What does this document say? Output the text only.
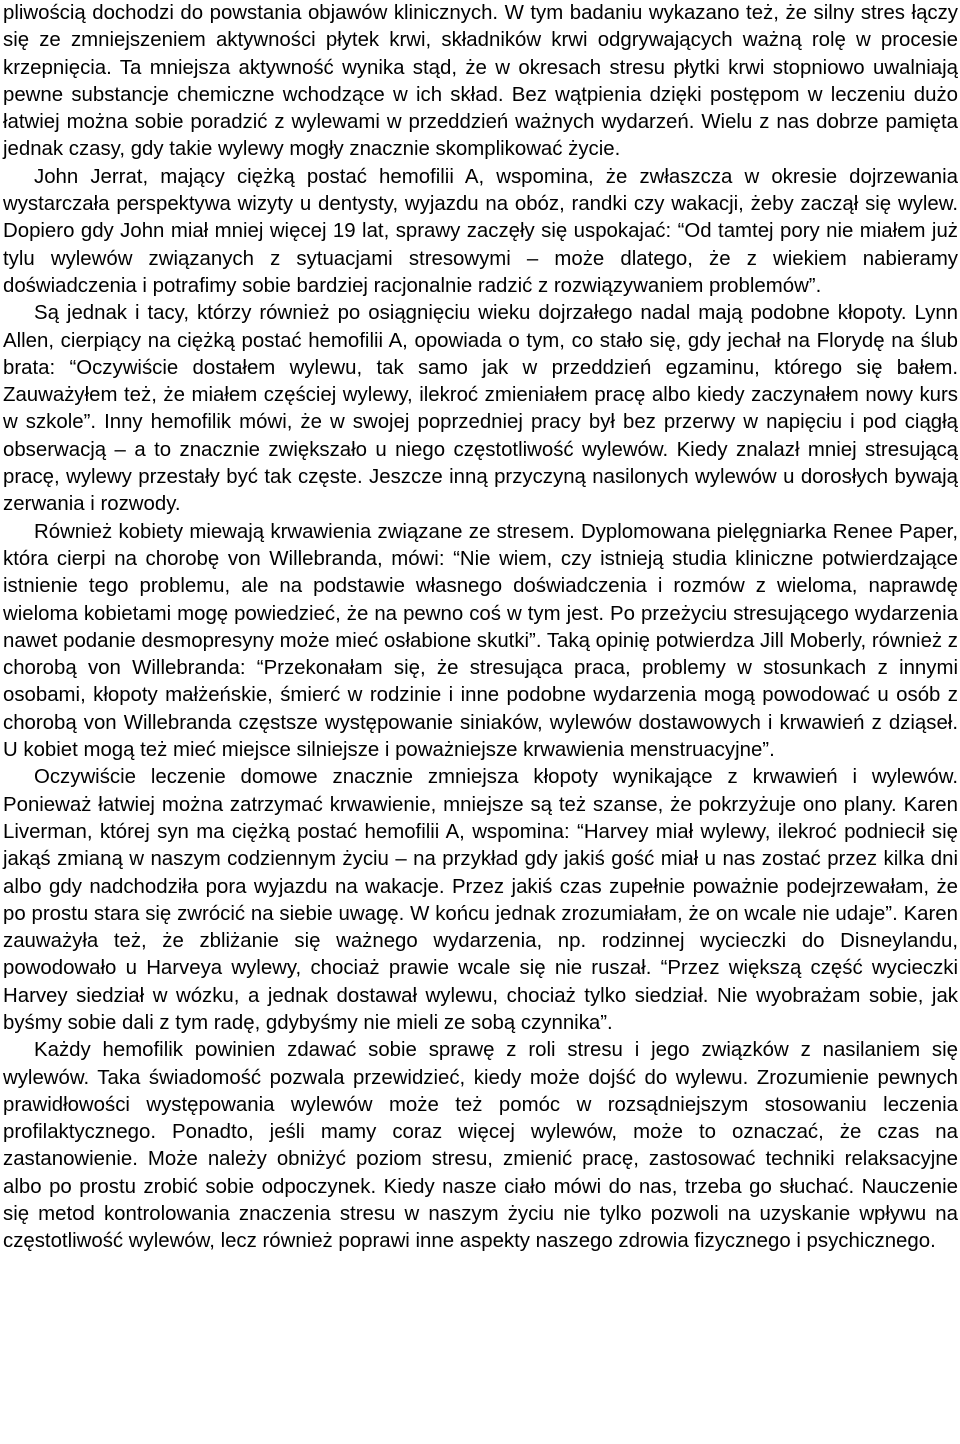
pliwością dochodzi do powstania objawów klinicznych. W tym badaniu wykazano też, że silny stres łączy się ze zmniejszeniem aktywności płytek krwi, składników krwi odgrywających ważną rolę w procesie krzepnięcia. Ta mniejsza aktywność wynika stąd, że w okresach stresu płytki krwi stopniowo uwalniają pewne substancje chemiczne wchodzące w ich skład. Bez wątpienia dzięki postępom w leczeniu dużo łatwiej można sobie poradzić z wylewami w przeddzień ważnych wydarzeń. Wielu z nas dobrze pamięta jednak czasy, gdy takie wylewy mogły znacznie skomplikować życie.

John Jerrat, mający ciężką postać hemofilii A, wspomina, że zwłaszcza w okresie dojrzewania wystarczała perspektywa wizyty u dentysty, wyjazdu na obóz, randki czy wakacji, żeby zaczął się wylew. Dopiero gdy John miał mniej więcej 19 lat, sprawy zaczęły się uspokajać: “Od tamtej pory nie miałem już tylu wylewów związanych z sytuacjami stresowymi – może dlatego, że z wiekiem nabieramy doświadczenia i potrafimy sobie bardziej racjonalnie radzić z rozwiązywaniem problemów”.

Są jednak i tacy, którzy również po osiągnięciu wieku dojrzałego nadal mają podobne kłopoty. Lynn Allen, cierpiący na ciężką postać hemofilii A, opowiada o tym, co stało się, gdy jechał na Florydę na ślub brata: “Oczywiście dostałem wylewu, tak samo jak w przeddzień egzaminu, którego się bałem. Zauważyłem też, że miałem częściej wylewy, ilekroć zmieniałem pracę albo kiedy zaczynałem nowy kurs w szkole”. Inny hemofilik mówi, że w swojej poprzedniej pracy był bez przerwy w napięciu i pod ciągłą obserwacją – a to znacznie zwiększało u niego częstotliwość wylewów. Kiedy znalazł mniej stresującą pracę, wylewy przestały być tak częste. Jeszcze inną przyczyną nasilonych wylewów u dorosłych bywają zerwania i rozwody.

Również kobiety miewają krwawienia związane ze stresem. Dyplomowana pielęgniarka Renee Paper, która cierpi na chorobę von Willebranda, mówi: “Nie wiem, czy istnieją studia kliniczne potwierdzające istnienie tego problemu, ale na podstawie własnego doświadczenia i rozmów z wieloma, naprawdę wieloma kobietami mogę powiedzieć, że na pewno coś w tym jest. Po przeżyciu stresującego wydarzenia nawet podanie desmopresyny może mieć osłabione skutki”. Taką opinię potwierdza Jill Moberly, również z chorobą von Willebranda: “Przekonałam się, że stresująca praca, problemy w stosunkach z innymi osobami, kłopoty małżeńskie, śmierć w rodzinie i inne podobne wydarzenia mogą powodować u osób z chorobą von Willebranda częstsze występowanie siniaków, wylewów dostawowych i krwawień z dziąseł. U kobiet mogą też mieć miejsce silniejsze i poważniejsze krwawienia menstruacyjne”.

Oczywiście leczenie domowe znacznie zmniejsza kłopoty wynikające z krwawień i wylewów. Ponieważ łatwiej można zatrzymać krwawienie, mniejsze są też szanse, że pokrzyżuje ono plany. Karen Liverman, której syn ma ciężką postać hemofilii A, wspomina: “Harvey miał wylewy, ilekroć podniecił się jakąś zmianą w naszym codziennym życiu – na przykład gdy jakiś gość miał u nas zostać przez kilka dni albo gdy nadchodziła pora wyjazdu na wakacje. Przez jakiś czas zupełnie poważnie podejrzewałam, że po prostu stara się zwrócić na siebie uwagę. W końcu jednak zrozumiałam, że on wcale nie udaje”. Karen zauważyła też, że zbliżanie się ważnego wydarzenia, np. rodzinnej wycieczki do Disneylandu, powodowało u Harveya wylewy, chociaż prawie wcale się nie ruszał. “Przez większą część wycieczki Harvey siedział w wózku, a jednak dostawał wylewu, chociaż tylko siedział. Nie wyobrażam sobie, jak byśmy sobie dali z tym radę, gdybyśmy nie mieli ze sobą czynnika”.

Każdy hemofilik powinien zdawać sobie sprawę z roli stresu i jego związków z nasilaniem się wylewów. Taka świadomość pozwala przewidzieć, kiedy może dojść do wylewu. Zrozumienie pewnych prawidłowości występowania wylewów może też pomóc w rozsądniejszym stosowaniu leczenia profilaktycznego. Ponadto, jeśli mamy coraz więcej wylewów, może to oznaczać, że czas na zastanowienie. Może należy obniżyć poziom stresu, zmienić pracę, zastosować techniki relaksacyjne albo po prostu zrobić sobie odpoczynek. Kiedy nasze ciało mówi do nas, trzeba go słuchać. Nauczenie się metod kontrolowania znaczenia stresu w naszym życiu nie tylko pozwoli na uzyskanie wpływu na częstotliwość wylewów, lecz również poprawi inne aspekty naszego zdrowia fizycznego i psychicznego.
